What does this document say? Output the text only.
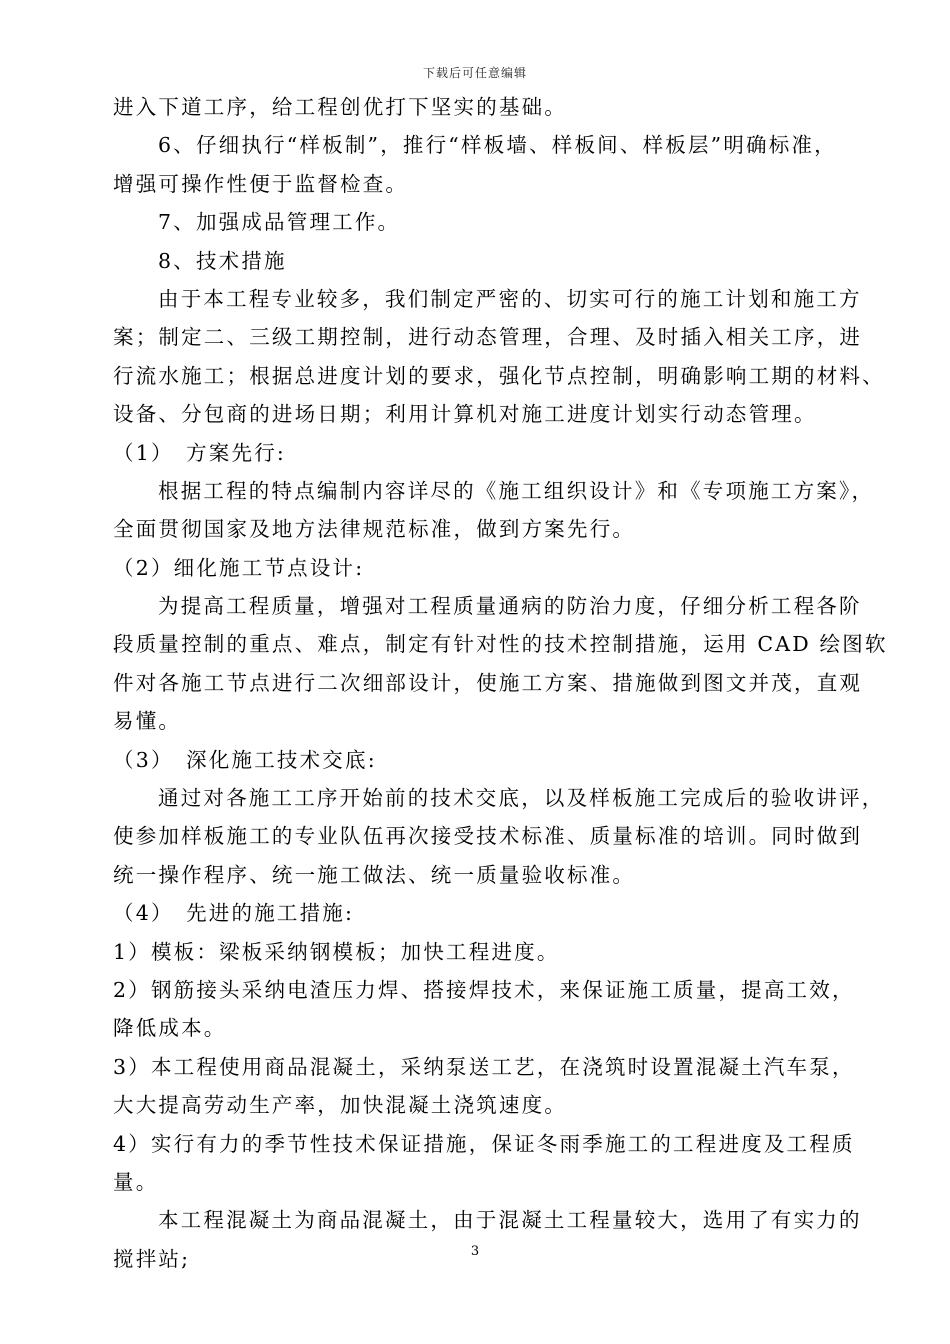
下载后可任意编辑
进入下道工序，给工程创优打下坚实的基础。
6、仔细执行“样板制”，推行“样板墙、样板间、样板层”明确标准，
增强可操作性便于监督检查。
7、加强成品管理工作。
8、技术措施
由于本工程专业较多，我们制定严密的、切实可行的施工计划和施工方
案；制定二、三级工期控制，进行动态管理，合理、及时插入相关工序，进
行流水施工；根据总进度计划的要求，强化节点控制，明确影响工期的材料、
设备、分包商的进场日期；利用计算机对施工进度计划实行动态管理。
（1）　方案先行:
根据工程的特点编制内容详尽的《施工组织设计》和《专项施工方案》，
全面贯彻国家及地方法律规范标准，做到方案先行。
（2）细化施工节点设计:
为提高工程质量，增强对工程质量通病的防治力度，仔细分析工程各阶
段质量控制的重点、难点，制定有针对性的技术控制措施，运用 CAD 绘图软
件对各施工节点进行二次细部设计，使施工方案、措施做到图文并茂，直观
易懂。
（3）　深化施工技术交底:
通过对各施工工序开始前的技术交底，以及样板施工完成后的验收讲评，
使参加样板施工的专业队伍再次接受技术标准、质量标准的培训。同时做到
统一操作程序、统一施工做法、统一质量验收标准。
（4）　先进的施工措施:
1）模板：梁板采纳钢模板；加快工程进度。
2）钢筋接头采纳电渣压力焊、搭接焊技术，来保证施工质量，提高工效，
降低成本。
3）本工程使用商品混凝土，采纳泵送工艺，在浇筑时设置混凝土汽车泵，
大大提高劳动生产率，加快混凝土浇筑速度。
4）实行有力的季节性技术保证措施，保证冬雨季施工的工程进度及工程质
量。
本工程混凝土为商品混凝土，由于混凝土工程量较大，选用了有实力的
搅拌站;	3
